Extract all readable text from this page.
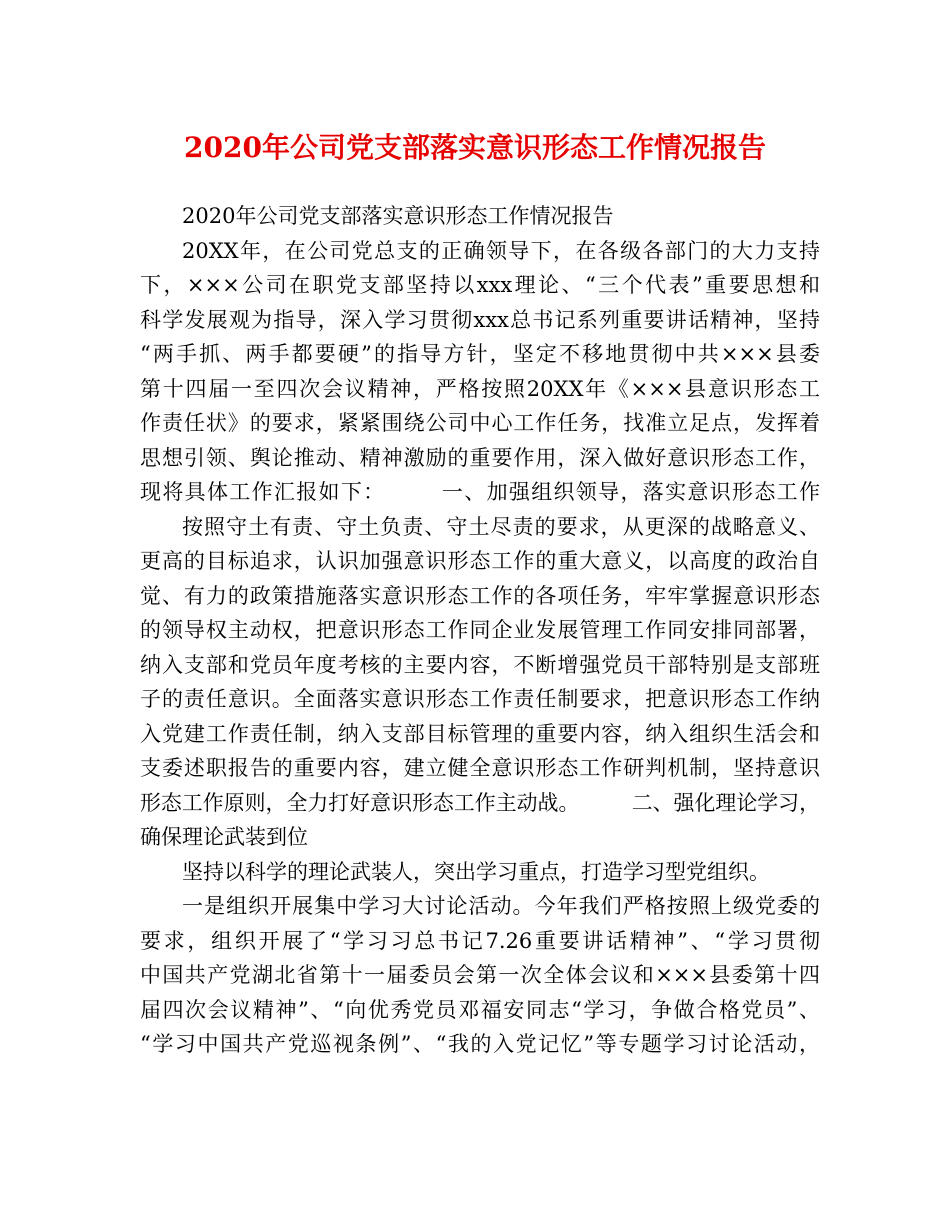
2020年公司党支部落实意识形态工作情况报告
2020年公司党支部落实意识形态工作情况报告
20XX年，在公司党总支的正确领导下，在各级各部门的大力支持
下，×××公司在职党支部坚持以xxx理论、“三个代表”重要思想和
科学发展观为指导，深入学习贯彻xxx总书记系列重要讲话精神，坚持
“两手抓、两手都要硬”的指导方针，坚定不移地贯彻中共×××县委
第十四届一至四次会议精神，严格按照20XX年《×××县意识形态工
作责任状》的要求，紧紧围绕公司中心工作任务，找准立足点，发挥着
思想引领、舆论推动、精神激励的重要作用，深入做好意识形态工作，
现将具体工作汇报如下：　　　一、加强组织领导，落实意识形态工作
按照守土有责、守土负责、守土尽责的要求，从更深的战略意义、
更高的目标追求，认识加强意识形态工作的重大意义，以高度的政治自
觉、有力的政策措施落实意识形态工作的各项任务，牢牢掌握意识形态
的领导权主动权，把意识形态工作同企业发展管理工作同安排同部署，
纳入支部和党员年度考核的主要内容，不断增强党员干部特别是支部班
子的责任意识。全面落实意识形态工作责任制要求，把意识形态工作纳
入党建工作责任制，纳入支部目标管理的重要内容，纳入组织生活会和
支委述职报告的重要内容，建立健全意识形态工作研判机制，坚持意识
形态工作原则，全力打好意识形态工作主动战。　　　二、强化理论学习，
确保理论武装到位
坚持以科学的理论武装人，突出学习重点，打造学习型党组织。
一是组织开展集中学习大讨论活动。今年我们严格按照上级党委的
要求，组织开展了“学习习总书记7.26重要讲话精神”、“学习贯彻
中国共产党湖北省第十一届委员会第一次全体会议和×××县委第十四
届四次会议精神”、“向优秀党员邓福安同志“学习，争做合格党员”、
“学习中国共产党巡视条例”、“我的入党记忆”等专题学习讨论活动，
